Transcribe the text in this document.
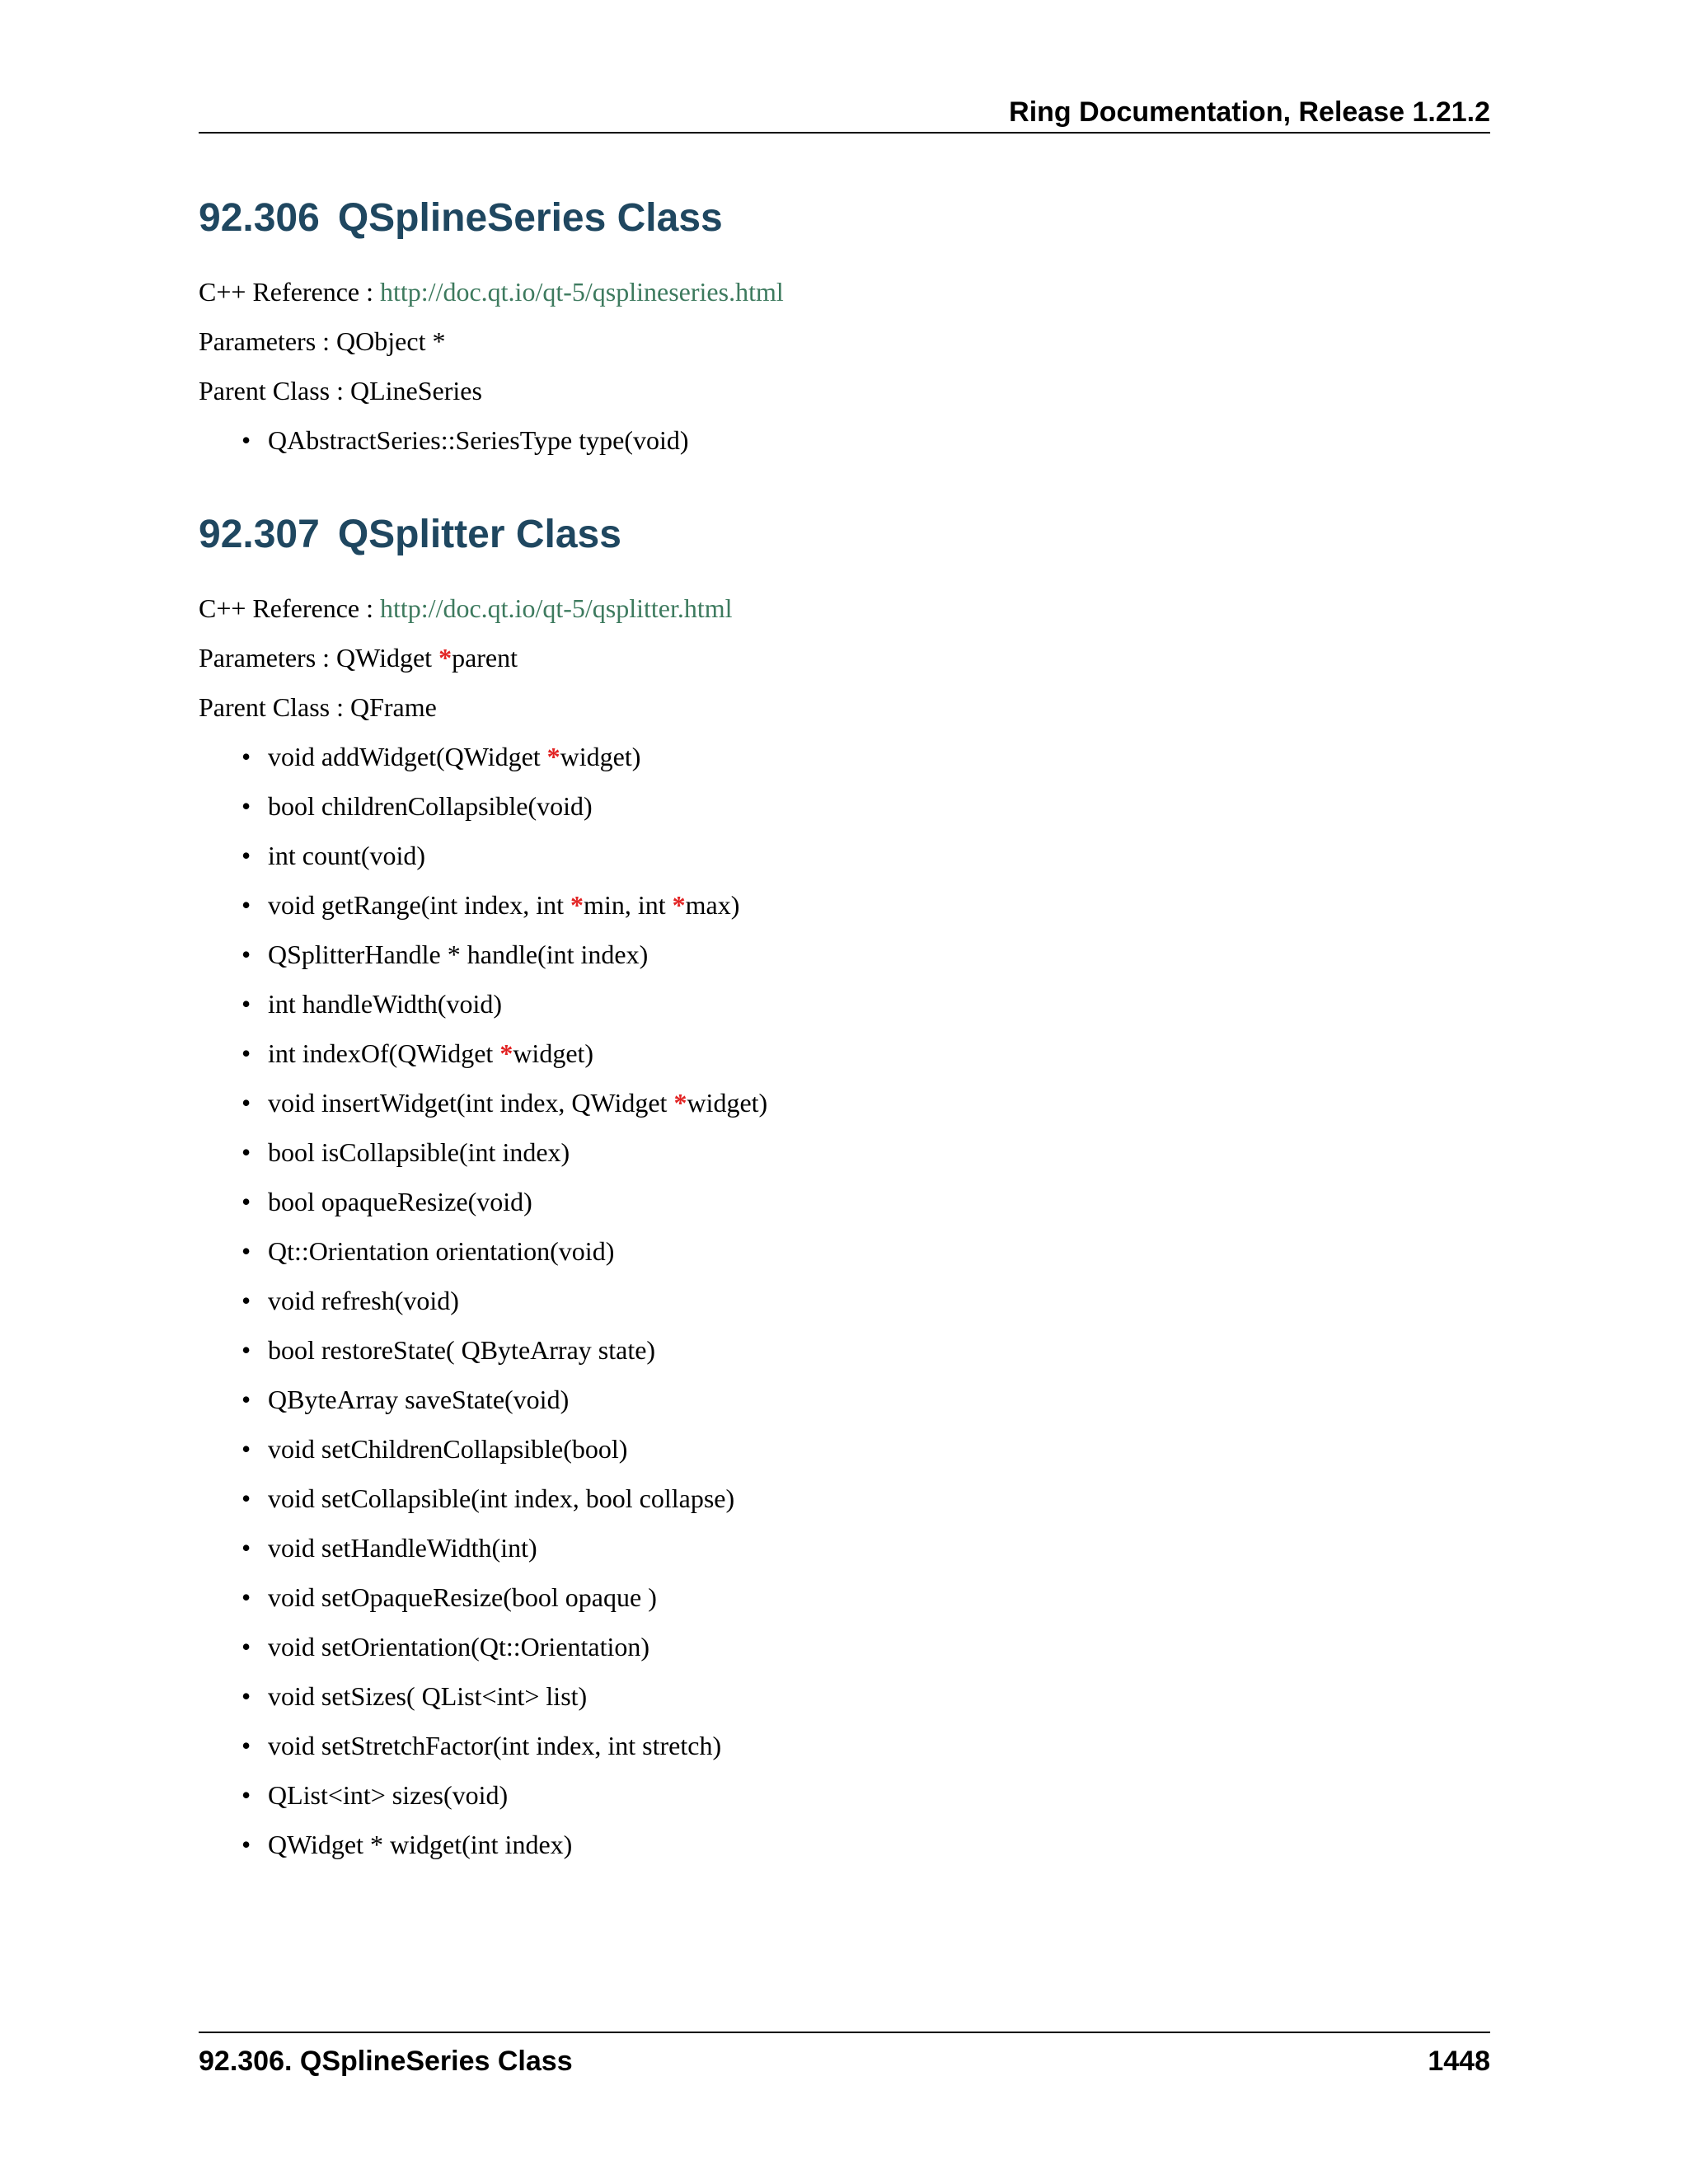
Ring Documentation, Release 1.21.2
92.306 QSplineSeries Class

C++ Reference : http://doc.qt.io/qt-5/qsplineseries.html

Parameters : QObject *

Parent Class : QLineSeries

• QAbstractSeries::SeriesType type(void)
92.307 QSplitter Class

C++ Reference : http://doc.qt.io/qt-5/qsplitter.html

Parameters : QWidget *parent

Parent Class : QFrame

• void addWidget(QWidget *widget)
• bool childrenCollapsible(void)
• int count(void)
• void getRange(int index, int *min, int *max)
• QSplitterHandle * handle(int index)
• int handleWidth(void)
• int indexOf(QWidget *widget)
• void insertWidget(int index, QWidget *widget)
• bool isCollapsible(int index)
• bool opaqueResize(void)
• Qt::Orientation orientation(void)
• void refresh(void)
• bool restoreState( QByteArray state)
• QByteArray saveState(void)
• void setChildrenCollapsible(bool)
• void setCollapsible(int index, bool collapse)
• void setHandleWidth(int)
• void setOpaqueResize(bool opaque )
• void setOrientation(Qt::Orientation)
• void setSizes( QList<int> list)
• void setStretchFactor(int index, int stretch)
• QList<int> sizes(void)
• QWidget * widget(int index)
92.306. QSplineSeries Class	1448
